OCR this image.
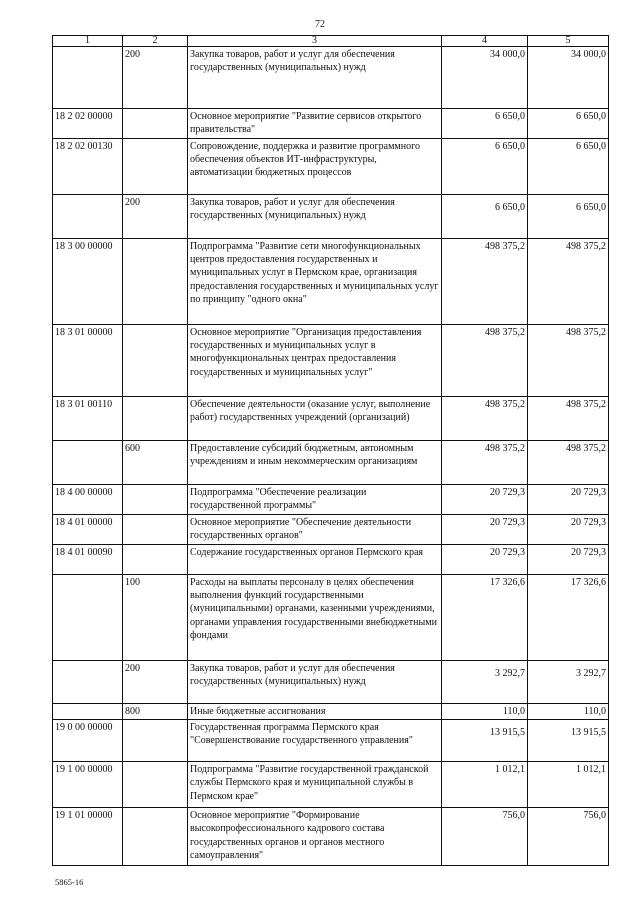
72
1	2	3	4	5
	200	Закупка товаров, работ и услуг для обеспечения государственных (муниципальных) нужд	34 000,0	34 000,0
18 2 02 00000		Основное мероприятие "Развитие сервисов открытого правительства"	6 650,0	6 650,0
18 2 02 00130		Сопровождение, поддержка и развитие программного обеспечения объектов ИТ-инфраструктуры, автоматизации бюджетных процессов	6 650,0	6 650,0
	200	Закупка товаров, работ и услуг для обеспечения государственных (муниципальных) нужд	6 650,0	6 650,0
18 3 00 00000		Подпрограмма "Развитие сети многофункциональных центров предоставления государственных и муниципальных услуг в Пермском крае, организация предоставления государственных и муниципальных услуг по принципу "одного окна"	498 375,2	498 375,2
18 3 01 00000		Основное мероприятие "Организация предоставления государственных и муниципальных услуг в многофункциональных центрах предоставления государственных и муниципальных услуг"	498 375,2	498 375,2
18 3 01 00110		Обеспечение деятельности (оказание услуг, выполнение работ) государственных учреждений (организаций)	498 375,2	498 375,2
	600	Предоставление субсидий бюджетным, автономным учреждениям и иным некоммерческим организациям	498 375,2	498 375,2
18 4 00 00000		Подпрограмма "Обеспечение реализации государственной программы"	20 729,3	20 729,3
18 4 01 00000		Основное мероприятие "Обеспечение деятельности государственных органов"	20 729,3	20 729,3
18 4 01 00090		Содержание государственных органов Пермского края	20 729,3	20 729,3
	100	Расходы на выплаты персоналу в целях обеспечения выполнения функций государственными (муниципальными) органами, казенными учреждениями, органами управления государственными внебюджетными фондами	17 326,6	17 326,6
	200	Закупка товаров, работ и услуг для обеспечения государственных (муниципальных) нужд	3 292,7	3 292,7
	800	Иные бюджетные ассигнования	110,0	110,0
19 0 00 00000		Государственная программа Пермского края "Совершенствование государственного управления"	13 915,5	13 915,5
19 1 00 00000		Подпрограмма "Развитие государственной гражданской службы Пермского края и муниципальной службы в Пермском крае"	1 012,1	1 012,1
19 1 01 00000		Основное мероприятие "Формирование высокопрофессионального кадрового состава государственных органов и органов местного самоуправления"	756,0	756,0
5865-16
